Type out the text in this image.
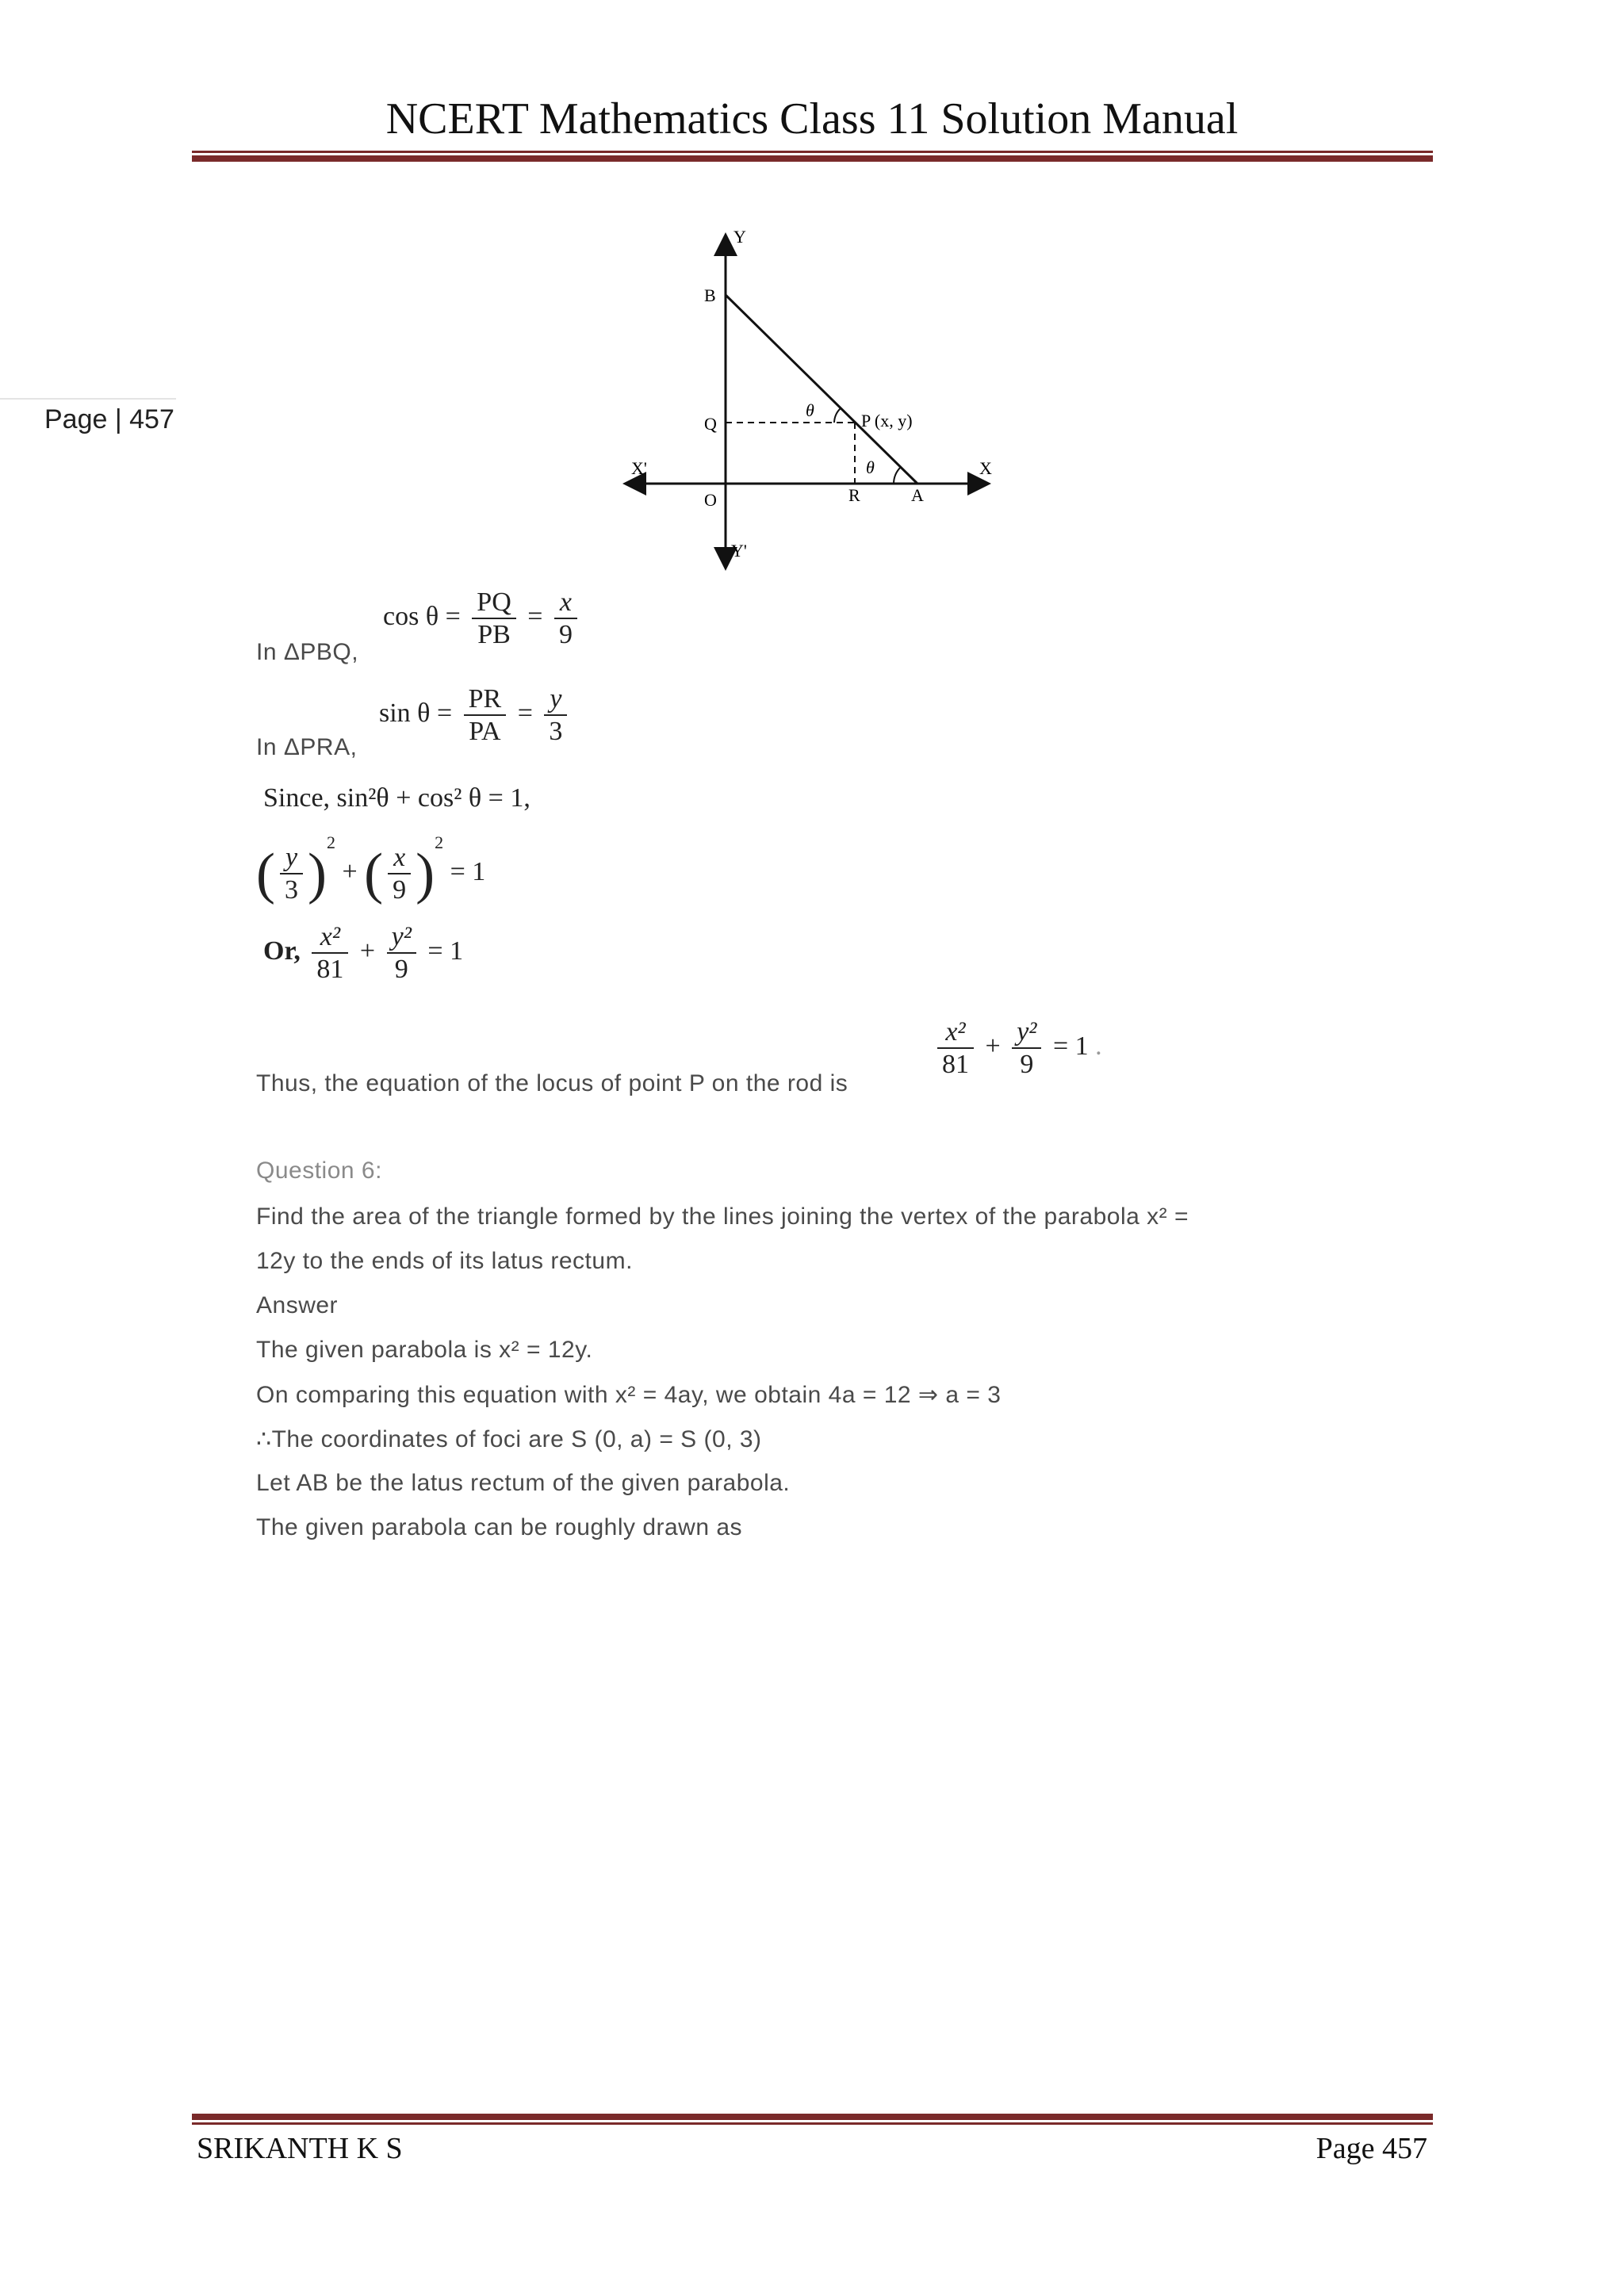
NCERT Mathematics Class 11 Solution Manual
Page | 457
Y
B
Q
θ
P (x, y)
θ
X'	X
O	R	A
Y'
In ΔPBQ,
$\cos \theta = \frac{PQ}{PB} = \frac{x}{9}$
In ΔPRA,
$\sin \theta = \frac{PR}{PA} = \frac{y}{3}$
Since, sin²θ + cos² θ = 1,
( $\frac{y}{3} )^2$ + ( $\frac{x}{9} )^2 = 1$
Or, $\frac{\text{x²}}{81} + \frac{\text{y²}}{9} = 1$
Thus, the equation of the locus of point P on the rod is
$\frac{\text{x²}}{81} + \frac{\text{y²}}{9} = 1$ .
Question 6:
Find the area of the triangle formed by the lines joining the vertex of the parabola x² =
12y to the ends of its latus rectum.
Answer
The given parabola is x² = 12y.
On comparing this equation with x² = 4ay, we obtain 4a = 12 ⇒ a = 3
∴The coordinates of foci are S (0, a) = S (0, 3)
Let AB be the latus rectum of the given parabola.
The given parabola can be roughly drawn as
SRIKANTH K S	Page 457
